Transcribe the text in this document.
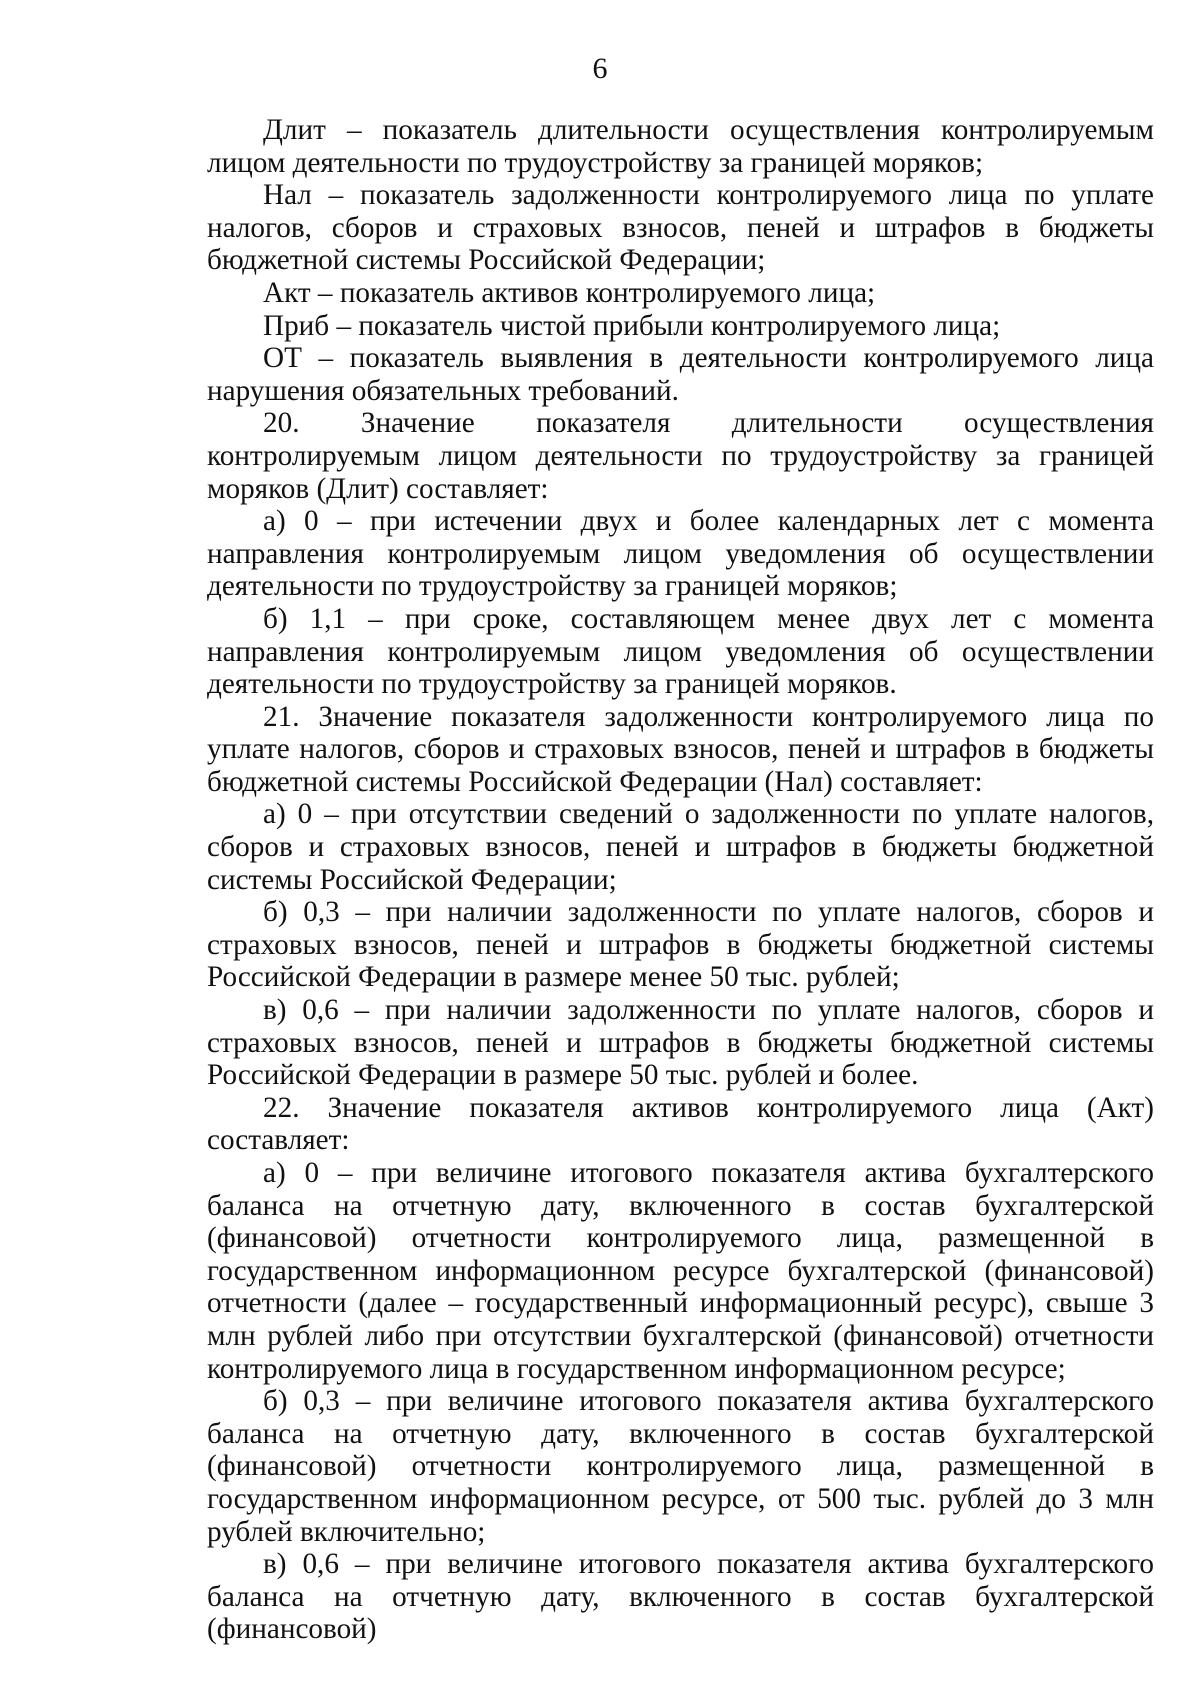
6

Длит – показатель длительности осуществления контролируемым лицом деятельности по трудоустройству за границей моряков;

Нал – показатель задолженности контролируемого лица по уплате налогов, сборов и страховых взносов, пеней и штрафов в бюджеты бюджетной системы Российской Федерации;

Акт – показатель активов контролируемого лица;

Приб – показатель чистой прибыли контролируемого лица;

ОТ – показатель выявления в деятельности контролируемого лица нарушения обязательных требований.

20. Значение показателя длительности осуществления контролируемым лицом деятельности по трудоустройству за границей моряков (Длит) составляет:

а) 0 – при истечении двух и более календарных лет с момента направления контролируемым лицом уведомления об осуществлении деятельности по трудоустройству за границей моряков;

б) 1,1 – при сроке, составляющем менее двух лет с момента направления контролируемым лицом уведомления об осуществлении деятельности по трудоустройству за границей моряков.

21. Значение показателя задолженности контролируемого лица по уплате налогов, сборов и страховых взносов, пеней и штрафов в бюджеты бюджетной системы Российской Федерации (Нал) составляет:

а) 0 – при отсутствии сведений о задолженности по уплате налогов, сборов и страховых взносов, пеней и штрафов в бюджеты бюджетной системы Российской Федерации;

б) 0,3 – при наличии задолженности по уплате налогов, сборов и страховых взносов, пеней и штрафов в бюджеты бюджетной системы Российской Федерации в размере менее 50 тыс. рублей;

в) 0,6 – при наличии задолженности по уплате налогов, сборов и страховых взносов, пеней и штрафов в бюджеты бюджетной системы Российской Федерации в размере 50 тыс. рублей и более.

22. Значение показателя активов контролируемого лица (Акт) составляет:

а) 0 – при величине итогового показателя актива бухгалтерского баланса на отчетную дату, включенного в состав бухгалтерской (финансовой) отчетности контролируемого лица, размещенной в государственном информационном ресурсе бухгалтерской (финансовой) отчетности (далее – государственный информационный ресурс), свыше 3 млн рублей либо при отсутствии бухгалтерской (финансовой) отчетности контролируемого лица в государственном информационном ресурсе;

б) 0,3 – при величине итогового показателя актива бухгалтерского баланса на отчетную дату, включенного в состав бухгалтерской (финансовой) отчетности контролируемого лица, размещенной в государственном информационном ресурсе, от 500 тыс. рублей до 3 млн рублей включительно;

в) 0,6 – при величине итогового показателя актива бухгалтерского баланса на отчетную дату, включенного в состав бухгалтерской (финансовой)
